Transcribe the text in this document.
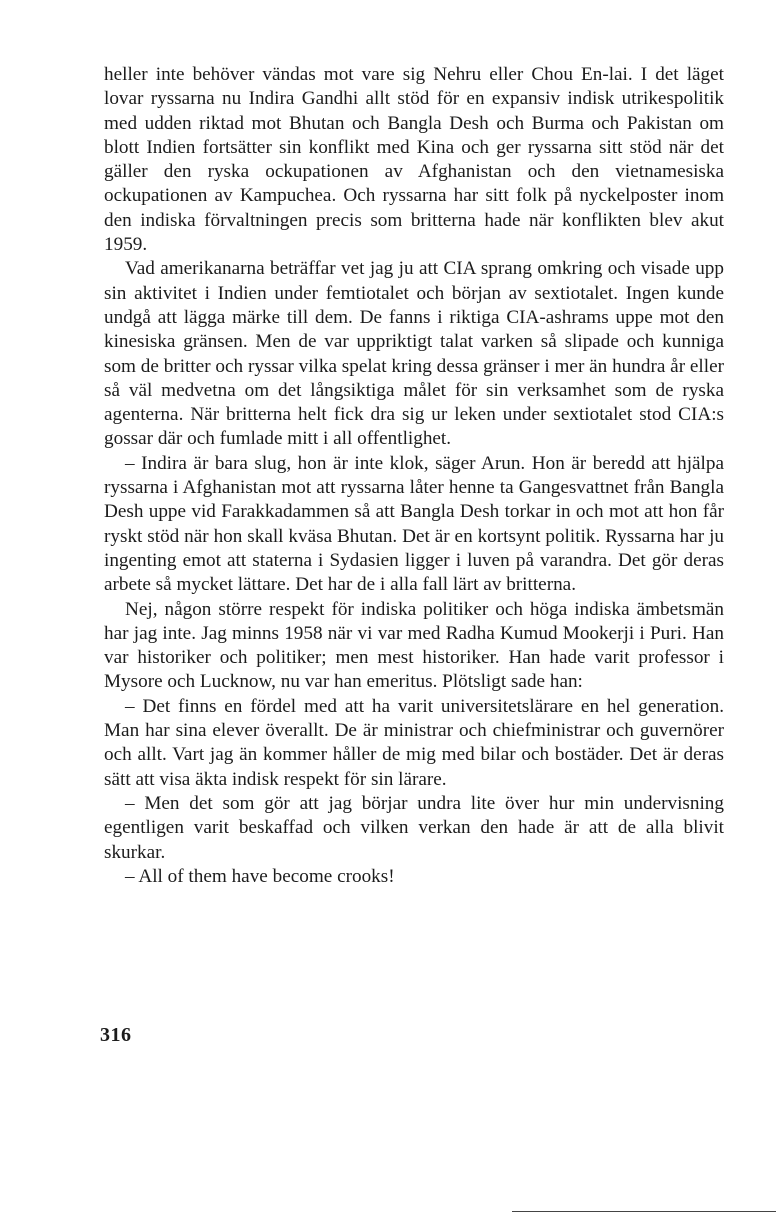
heller inte behöver vändas mot vare sig Nehru eller Chou En-lai. I det läget lovar ryssarna nu Indira Gandhi allt stöd för en expansiv indisk utrikespolitik med udden riktad mot Bhutan och Bangla Desh och Burma och Pakistan om blott Indien fortsätter sin konflikt med Kina och ger ryssarna sitt stöd när det gäller den ryska ockupationen av Afghanistan och den vietnamesiska ockupationen av Kampuchea. Och ryssarna har sitt folk på nyckelposter inom den indiska förvaltningen precis som britterna hade när konflikten blev akut 1959.

Vad amerikanarna beträffar vet jag ju att CIA sprang omkring och visade upp sin aktivitet i Indien under femtiotalet och början av sextiotalet. Ingen kunde undgå att lägga märke till dem. De fanns i riktiga CIA-ashrams uppe mot den kinesiska gränsen. Men de var uppriktigt talat varken så slipade och kunniga som de britter och ryssar vilka spelat kring dessa gränser i mer än hundra år eller så väl medvetna om det långsiktiga målet för sin verksamhet som de ryska agenterna. När britterna helt fick dra sig ur leken under sextiotalet stod CIA:s gossar där och fumlade mitt i all offentlighet.

– Indira är bara slug, hon är inte klok, säger Arun. Hon är beredd att hjälpa ryssarna i Afghanistan mot att ryssarna låter henne ta Gangesvattnet från Bangla Desh uppe vid Farakkadammen så att Bangla Desh torkar in och mot att hon får ryskt stöd när hon skall kväsa Bhutan. Det är en kortsynt politik. Ryssarna har ju ingenting emot att staterna i Sydasien ligger i luven på varandra. Det gör deras arbete så mycket lättare. Det har de i alla fall lärt av britterna.

Nej, någon större respekt för indiska politiker och höga indiska ämbetsmän har jag inte. Jag minns 1958 när vi var med Radha Kumud Mookerji i Puri. Han var historiker och politiker; men mest historiker. Han hade varit professor i Mysore och Lucknow, nu var han emeritus. Plötsligt sade han:

– Det finns en fördel med att ha varit universitetslärare en hel generation. Man har sina elever överallt. De är ministrar och chiefministrar och guvernörer och allt. Vart jag än kommer håller de mig med bilar och bostäder. Det är deras sätt att visa äkta indisk respekt för sin lärare.

– Men det som gör att jag börjar undra lite över hur min undervisning egentligen varit beskaffad och vilken verkan den hade är att de alla blivit skurkar.

– All of them have become crooks!

316
